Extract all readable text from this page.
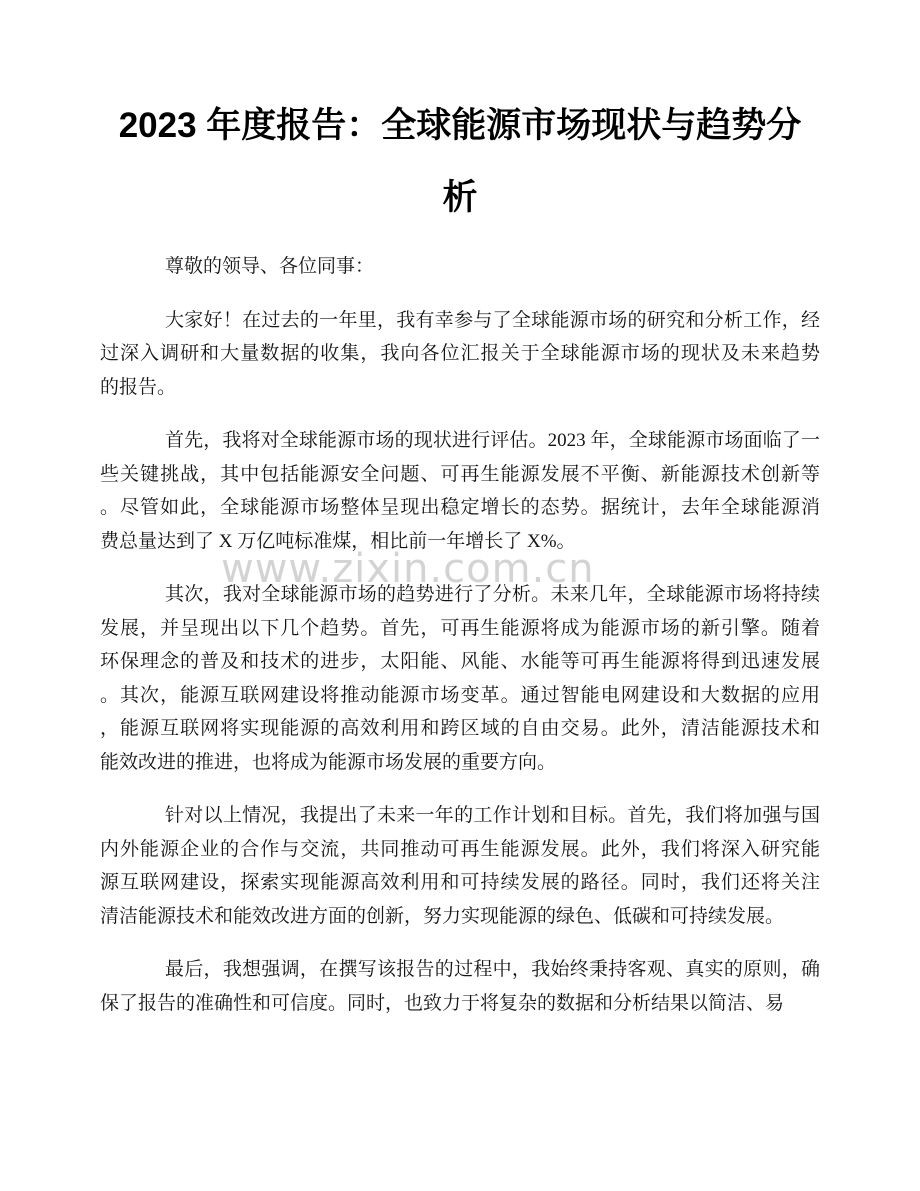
www.zixin.com.cn
2023 年度报告：全球能源市场现状与趋势分
析
尊敬的领导、各位同事：
大家好！在过去的一年里，我有幸参与了全球能源市场的研究和分析工作，经
过深入调研和大量数据的收集，我向各位汇报关于全球能源市场的现状及未来趋势
的报告。
首先，我将对全球能源市场的现状进行评估。2023 年，全球能源市场面临了一
些关键挑战，其中包括能源安全问题、可再生能源发展不平衡、新能源技术创新等
。尽管如此，全球能源市场整体呈现出稳定增长的态势。据统计，去年全球能源消
费总量达到了 X 万亿吨标准煤，相比前一年增长了 X%。
其次，我对全球能源市场的趋势进行了分析。未来几年，全球能源市场将持续
发展，并呈现出以下几个趋势。首先，可再生能源将成为能源市场的新引擎。随着
环保理念的普及和技术的进步，太阳能、风能、水能等可再生能源将得到迅速发展
。其次，能源互联网建设将推动能源市场变革。通过智能电网建设和大数据的应用
，能源互联网将实现能源的高效利用和跨区域的自由交易。此外，清洁能源技术和
能效改进的推进，也将成为能源市场发展的重要方向。
针对以上情况，我提出了未来一年的工作计划和目标。首先，我们将加强与国
内外能源企业的合作与交流，共同推动可再生能源发展。此外，我们将深入研究能
源互联网建设，探索实现能源高效利用和可持续发展的路径。同时，我们还将关注
清洁能源技术和能效改进方面的创新，努力实现能源的绿色、低碳和可持续发展。
最后，我想强调，在撰写该报告的过程中，我始终秉持客观、真实的原则，确
保了报告的准确性和可信度。同时，也致力于将复杂的数据和分析结果以简洁、易
